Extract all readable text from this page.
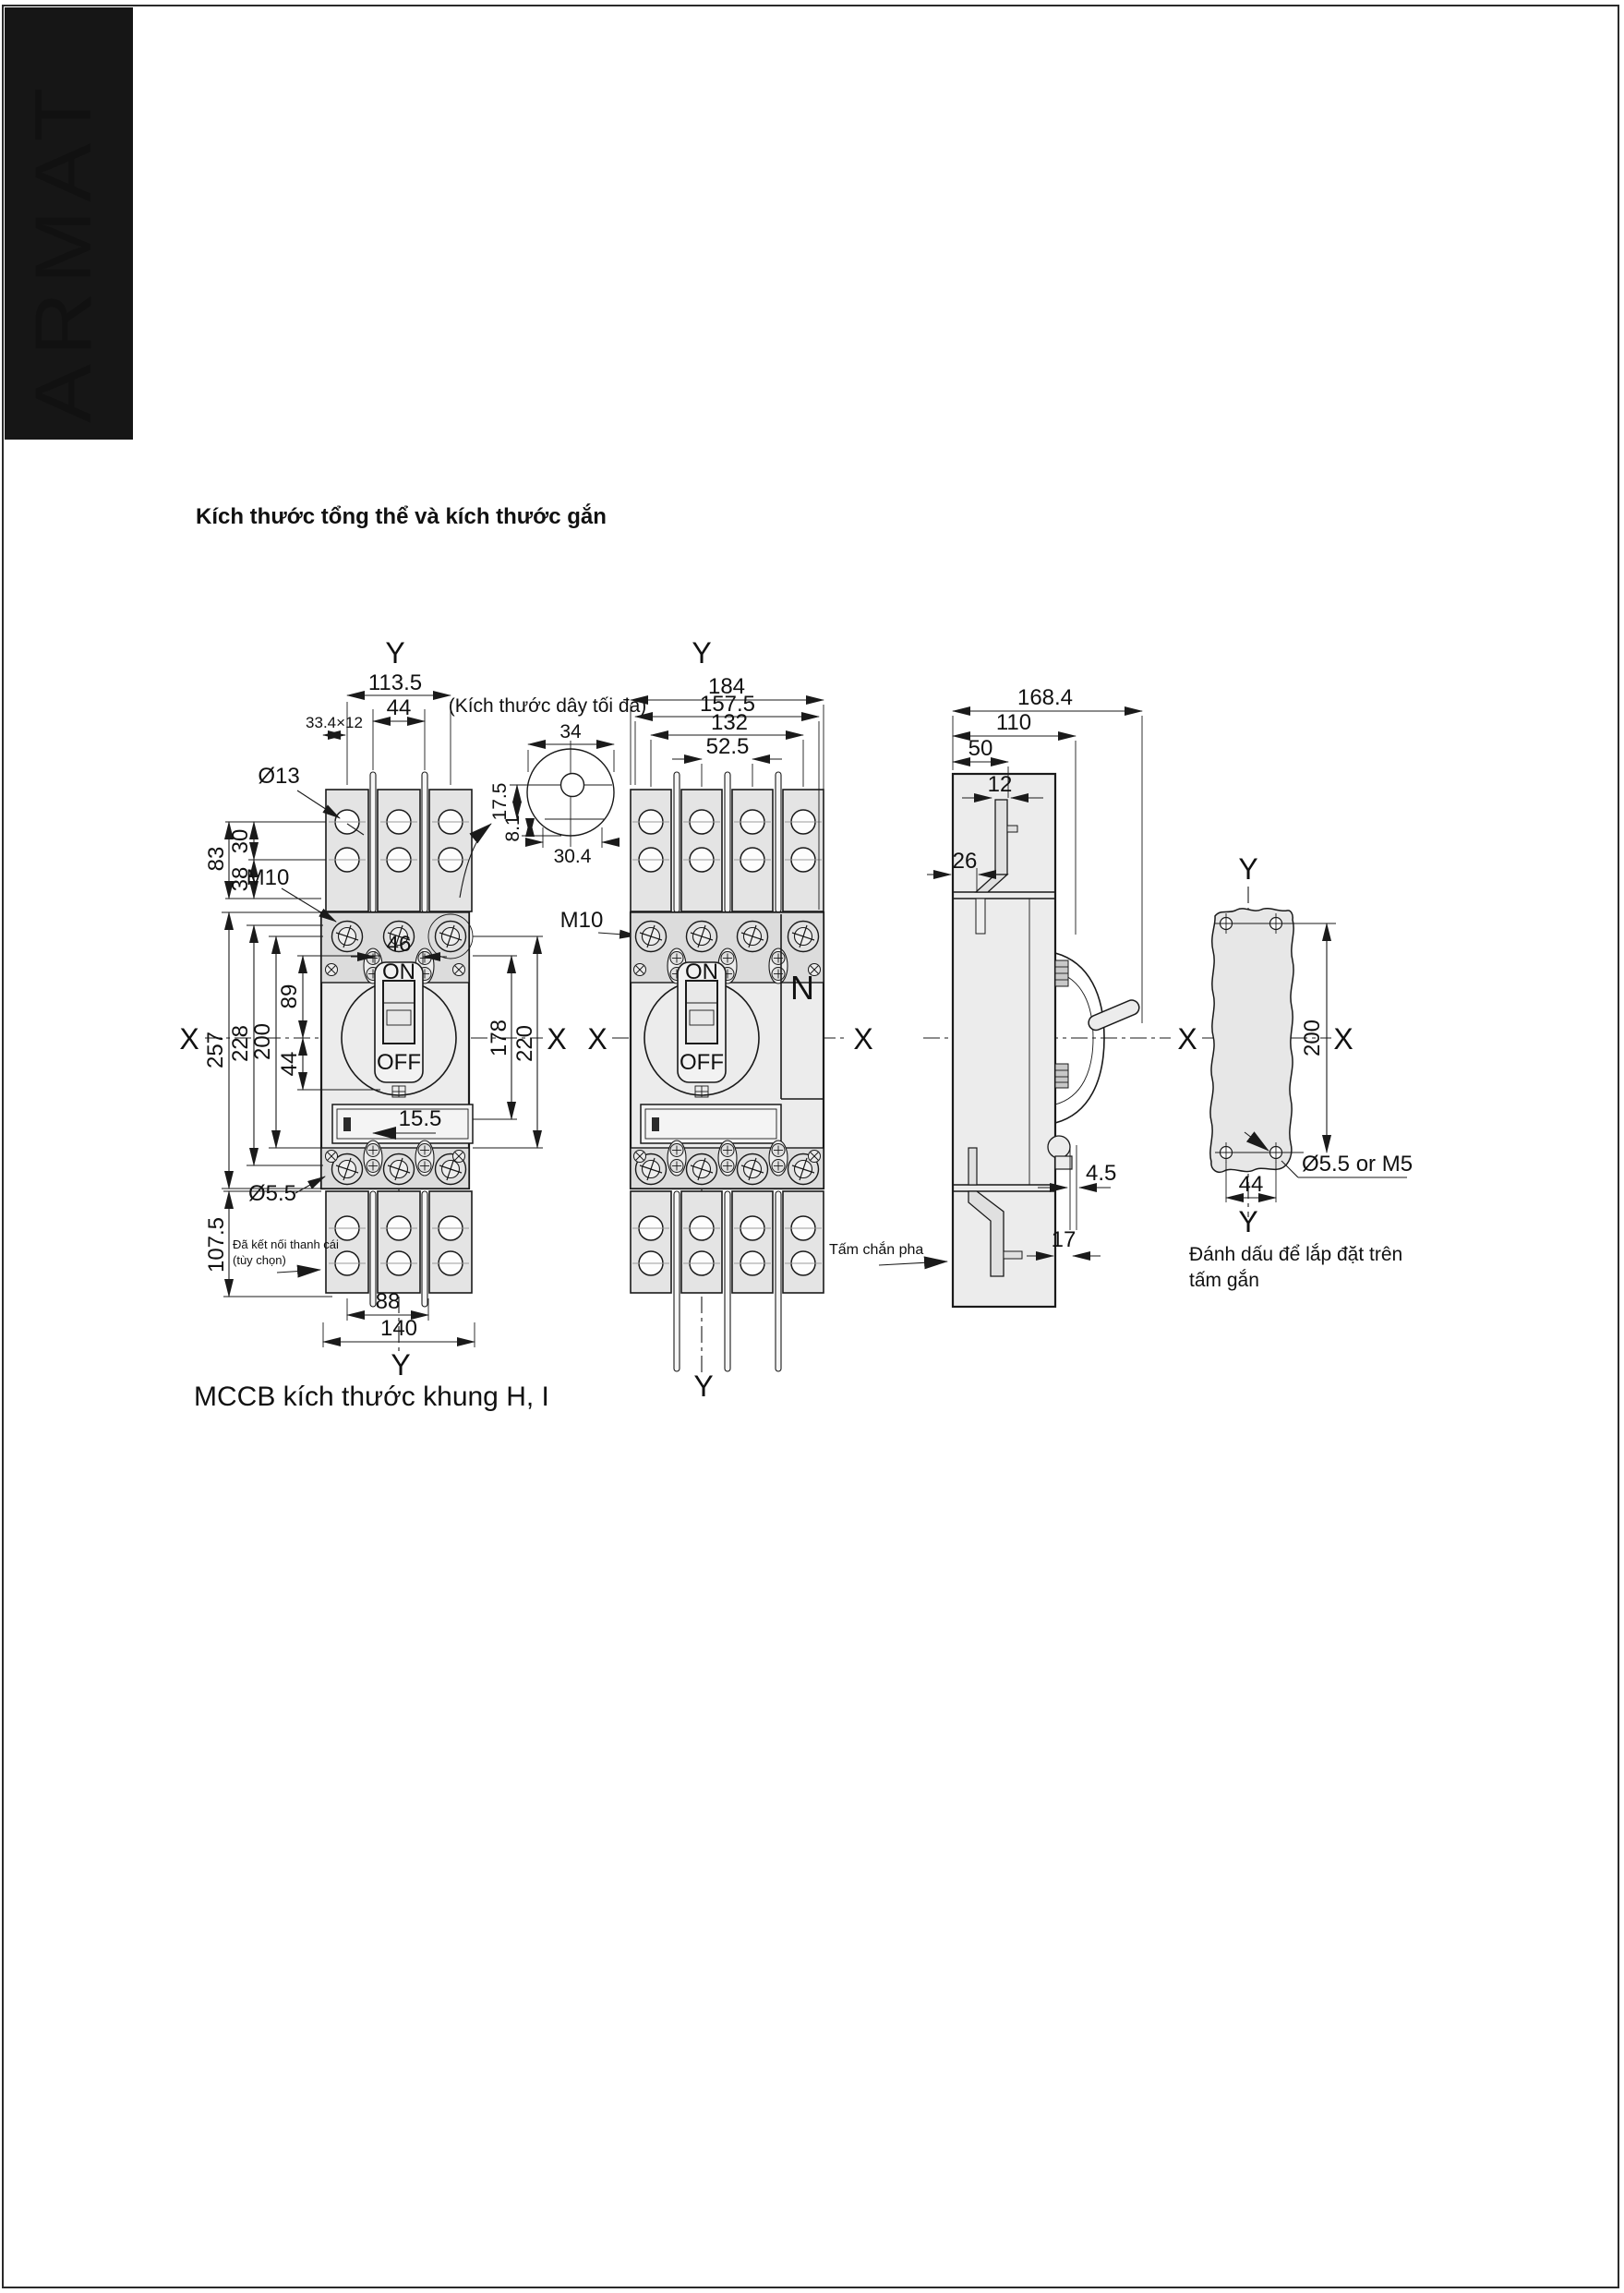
ARMAT
Kích thước tổng thể và kích thước gắn
ON
OFF
Y
Y
X	X
113.5
44
33.4×12
Ø13
83
30
38
M10
257 228
200
89
44
46
15.5
178 220
Ø5.5
107.5 Đã kết nối thanh cái
(tùy chọn)
88
140
MCCB kích thước khung H, I
(Kích thước dây tối đa)
34
17.5
8.1
30.4
M10
N
ON
OFF
Y
Y
X	X
184
157.5
132
52.5
Tấm chắn pha
168.4
110
50
12
26
4.5
17
X	200
44
Ø5.5 or M5
Y
Y
X
Đánh dấu để lắp đặt trên
tấm gắn
